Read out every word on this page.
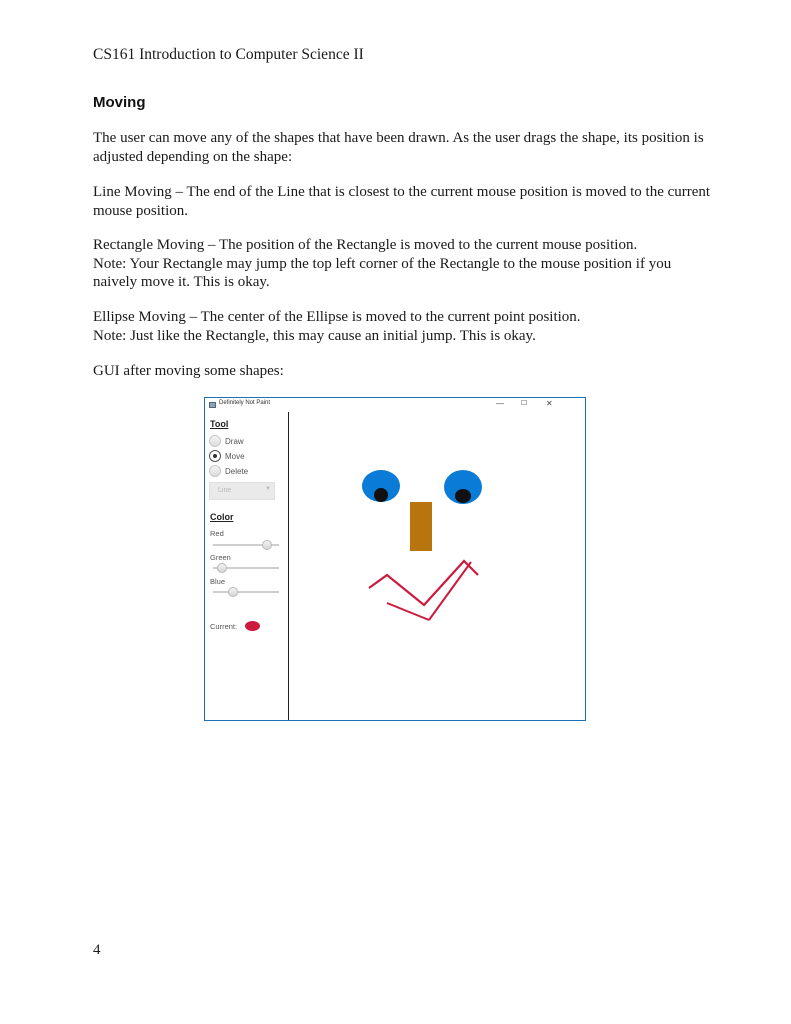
CS161 Introduction to Computer Science II
Moving

The user can move any of the shapes that have been drawn. As the user drags the shape, its position is adjusted depending on the shape:

Line Moving – The end of the Line that is closest to the current mouse position is moved to the current mouse position.

Rectangle Moving – The position of the Rectangle is moved to the current mouse position.

Note: Your Rectangle may jump the top left corner of the Rectangle to the mouse position if you naively move it. This is okay.

Ellipse Moving – The center of the Ellipse is moved to the current point position.

Note: Just like the Rectangle, this may cause an initial jump. This is okay.

GUI after moving some shapes:

Definitely Not Paint	— ☐ ✕
Tool
Draw
Move
Delete
Line	▼
Color
Red
Green
Blue
Current:
4
